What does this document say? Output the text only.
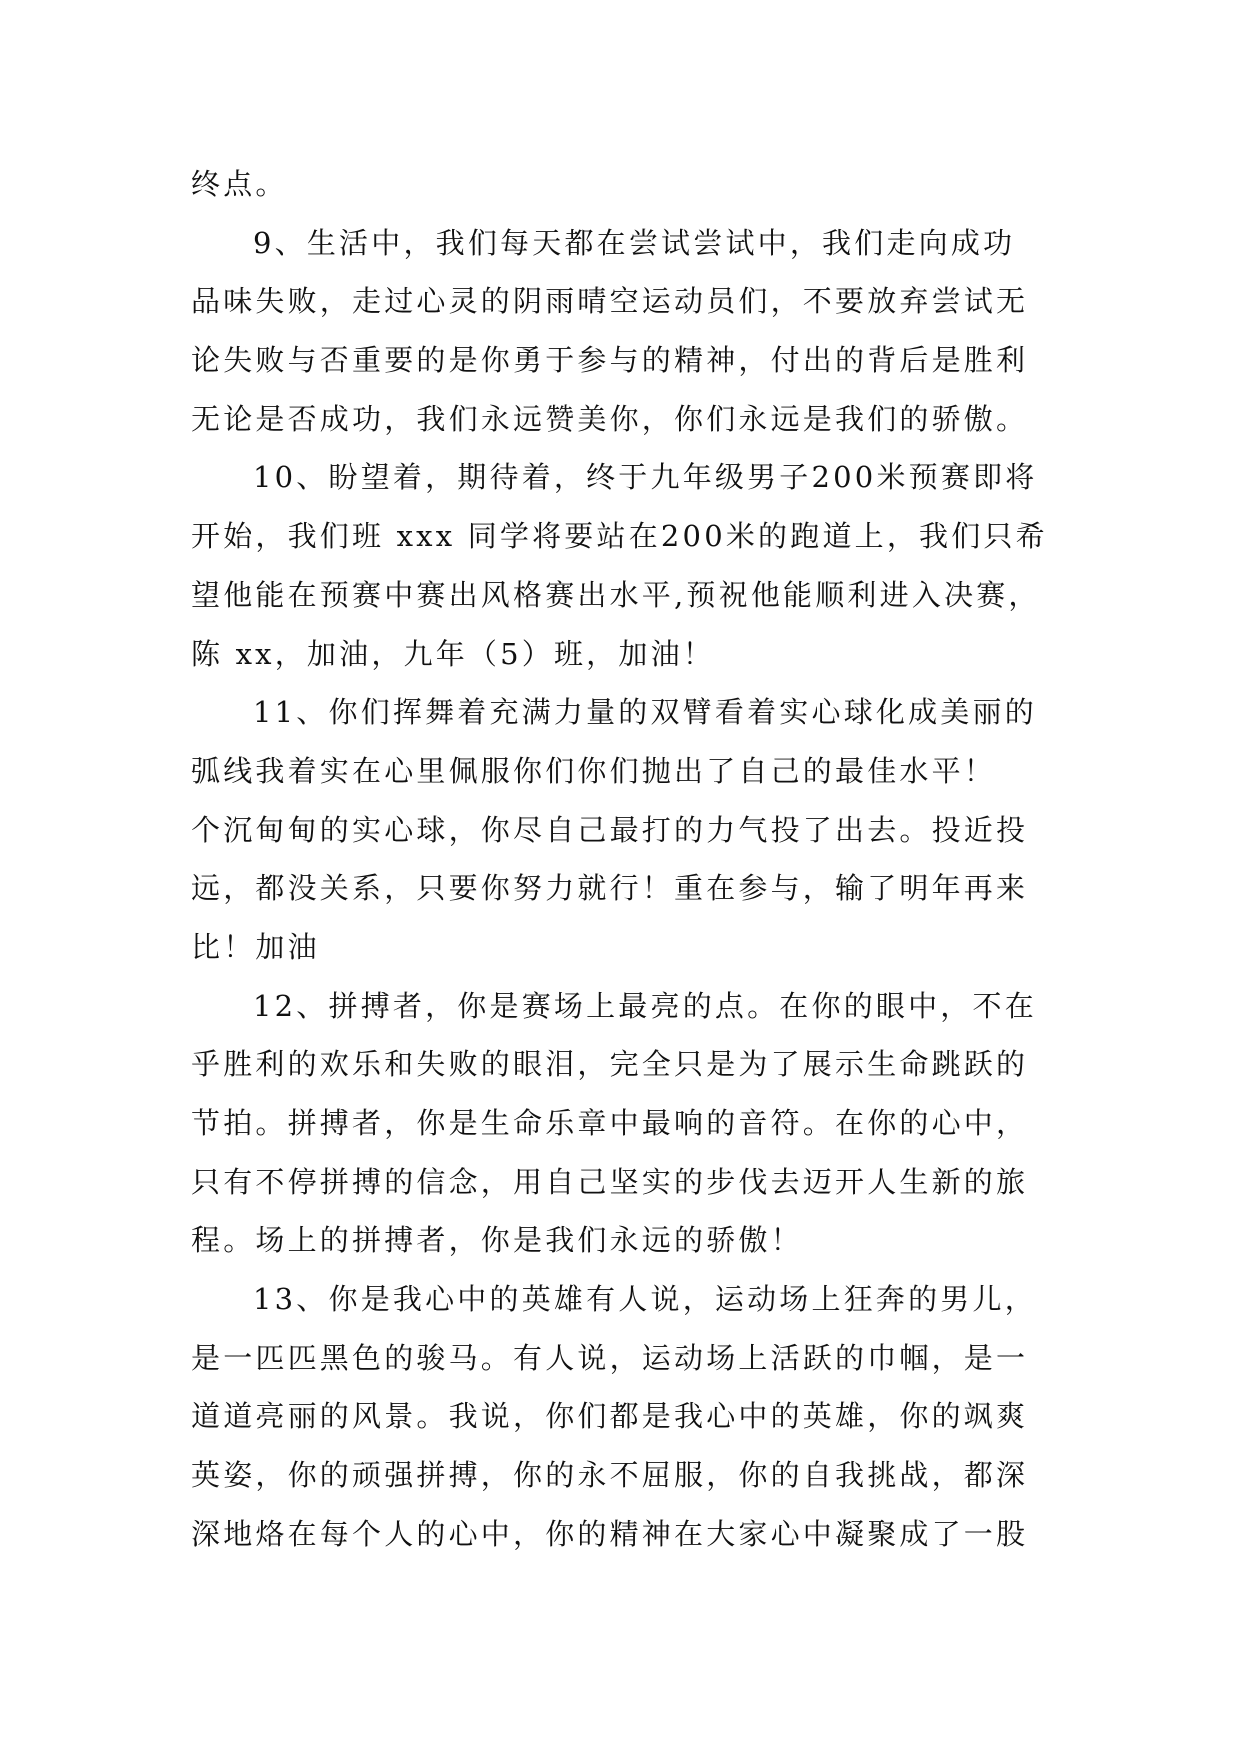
终点。
9、生活中，我们每天都在尝试尝试中，我们走向成功
品味失败，走过心灵的阴雨晴空运动员们，不要放弃尝试无
论失败与否重要的是你勇于参与的精神，付出的背后是胜利
无论是否成功，我们永远赞美你，你们永远是我们的骄傲。
10、盼望着，期待着，终于九年级男子200米预赛即将
开始，我们班 xxx 同学将要站在200米的跑道上，我们只希
望他能在预赛中赛出风格赛出水平,预祝他能顺利进入决赛，
陈 xx，加油，九年（5）班，加油！
11、你们挥舞着充满力量的双臂看着实心球化成美丽的
弧线我着实在心里佩服你们你们抛出了自己的最佳水平！
个沉甸甸的实心球，你尽自己最打的力气投了出去。投近投
远，都没关系，只要你努力就行！重在参与，输了明年再来
比！加油
12、拼搏者，你是赛场上最亮的点。在你的眼中，不在
乎胜利的欢乐和失败的眼泪，完全只是为了展示生命跳跃的
节拍。拼搏者，你是生命乐章中最响的音符。在你的心中，
只有不停拼搏的信念，用自己坚实的步伐去迈开人生新的旅
程。场上的拼搏者，你是我们永远的骄傲！
13、你是我心中的英雄有人说，运动场上狂奔的男儿，
是一匹匹黑色的骏马。有人说，运动场上活跃的巾帼，是一
道道亮丽的风景。我说，你们都是我心中的英雄，你的飒爽
英姿，你的顽强拼搏，你的永不屈服，你的自我挑战，都深
深地烙在每个人的心中，你的精神在大家心中凝聚成了一股
